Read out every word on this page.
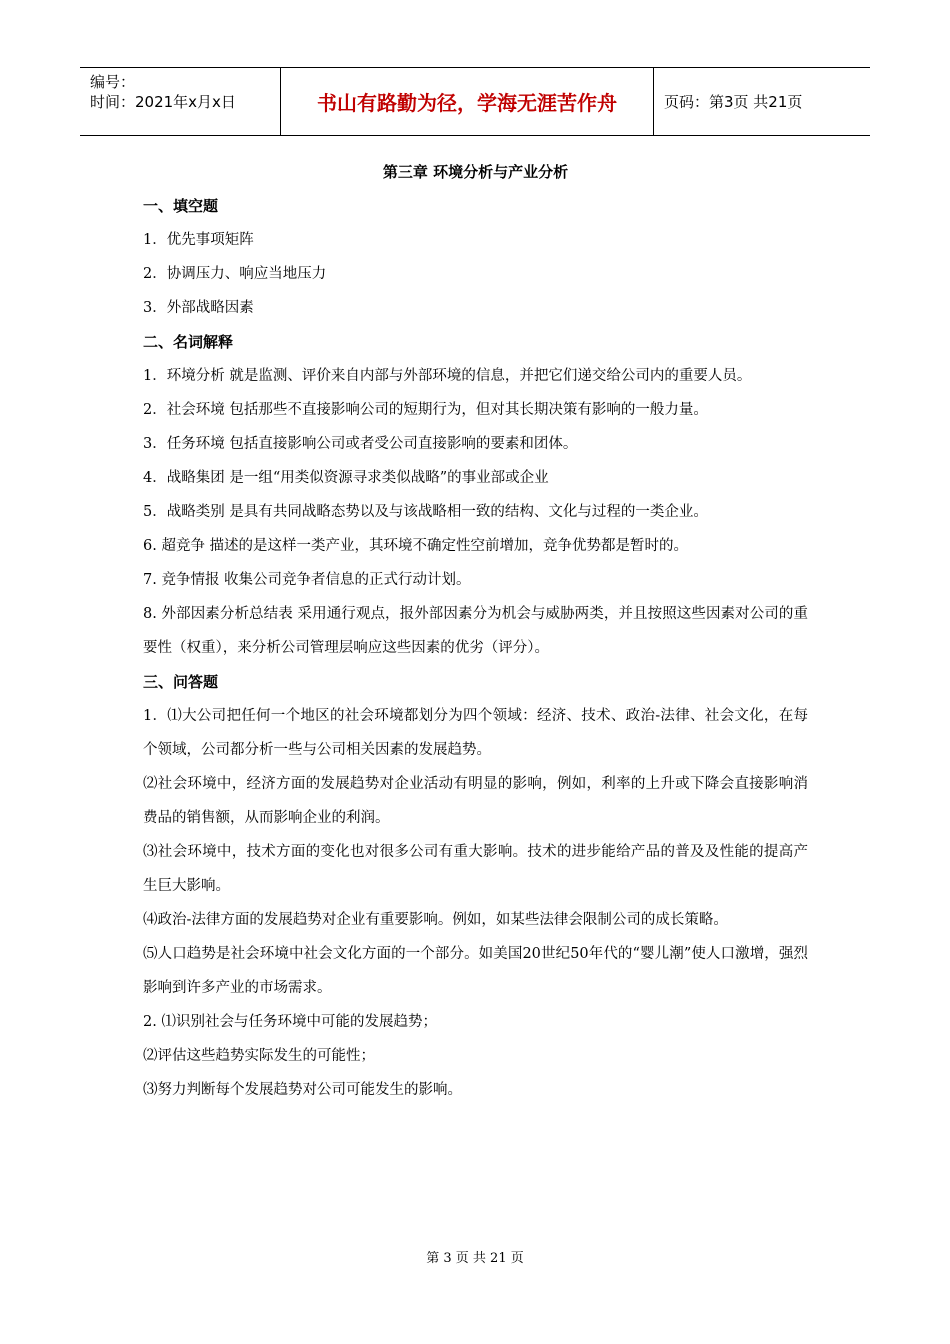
编号：
时间：2021年x月x日	书山有路勤为径，学海无涯苦作舟	页码：第3页 共21页
第三章 环境分析与产业分析
一、填空题

1．优先事项矩阵

2．协调压力、响应当地压力

3．外部战略因素

二、名词解释

1．环境分析 就是监测、评价来自内部与外部环境的信息，并把它们递交给公司内的重要人员。

2．社会环境 包括那些不直接影响公司的短期行为，但对其长期决策有影响的一般力量。

3．任务环境 包括直接影响公司或者受公司直接影响的要素和团体。

4．战略集团 是一组“用类似资源寻求类似战略”的事业部或企业

5．战略类别 是具有共同战略态势以及与该战略相一致的结构、文化与过程的一类企业。

6. 超竞争 描述的是这样一类产业，其环境不确定性空前增加，竞争优势都是暂时的。

7. 竞争情报 收集公司竞争者信息的正式行动计划。

8. 外部因素分析总结表 采用通行观点，报外部因素分为机会与威胁两类，并且按照这些因素对公司的重要性（权重），来分析公司管理层响应这些因素的优劣（评分）。

三、问答题

1．⑴大公司把任何一个地区的社会环境都划分为四个领域：经济、技术、政治-法律、社会文化，在每个领域，公司都分析一些与公司相关因素的发展趋势。

⑵社会环境中，经济方面的发展趋势对企业活动有明显的影响，例如，利率的上升或下降会直接影响消费品的销售额，从而影响企业的利润。

⑶社会环境中，技术方面的变化也对很多公司有重大影响。技术的进步能给产品的普及及性能的提高产生巨大影响。

⑷政治-法律方面的发展趋势对企业有重要影响。例如，如某些法律会限制公司的成长策略。

⑸人口趋势是社会环境中社会文化方面的一个部分。如美国20世纪50年代的“婴儿潮”使人口激增，强烈影响到许多产业的市场需求。

2. ⑴识别社会与任务环境中可能的发展趋势；

⑵评估这些趋势实际发生的可能性；

⑶努力判断每个发展趋势对公司可能发生的影响。

第 3 页 共 21 页
